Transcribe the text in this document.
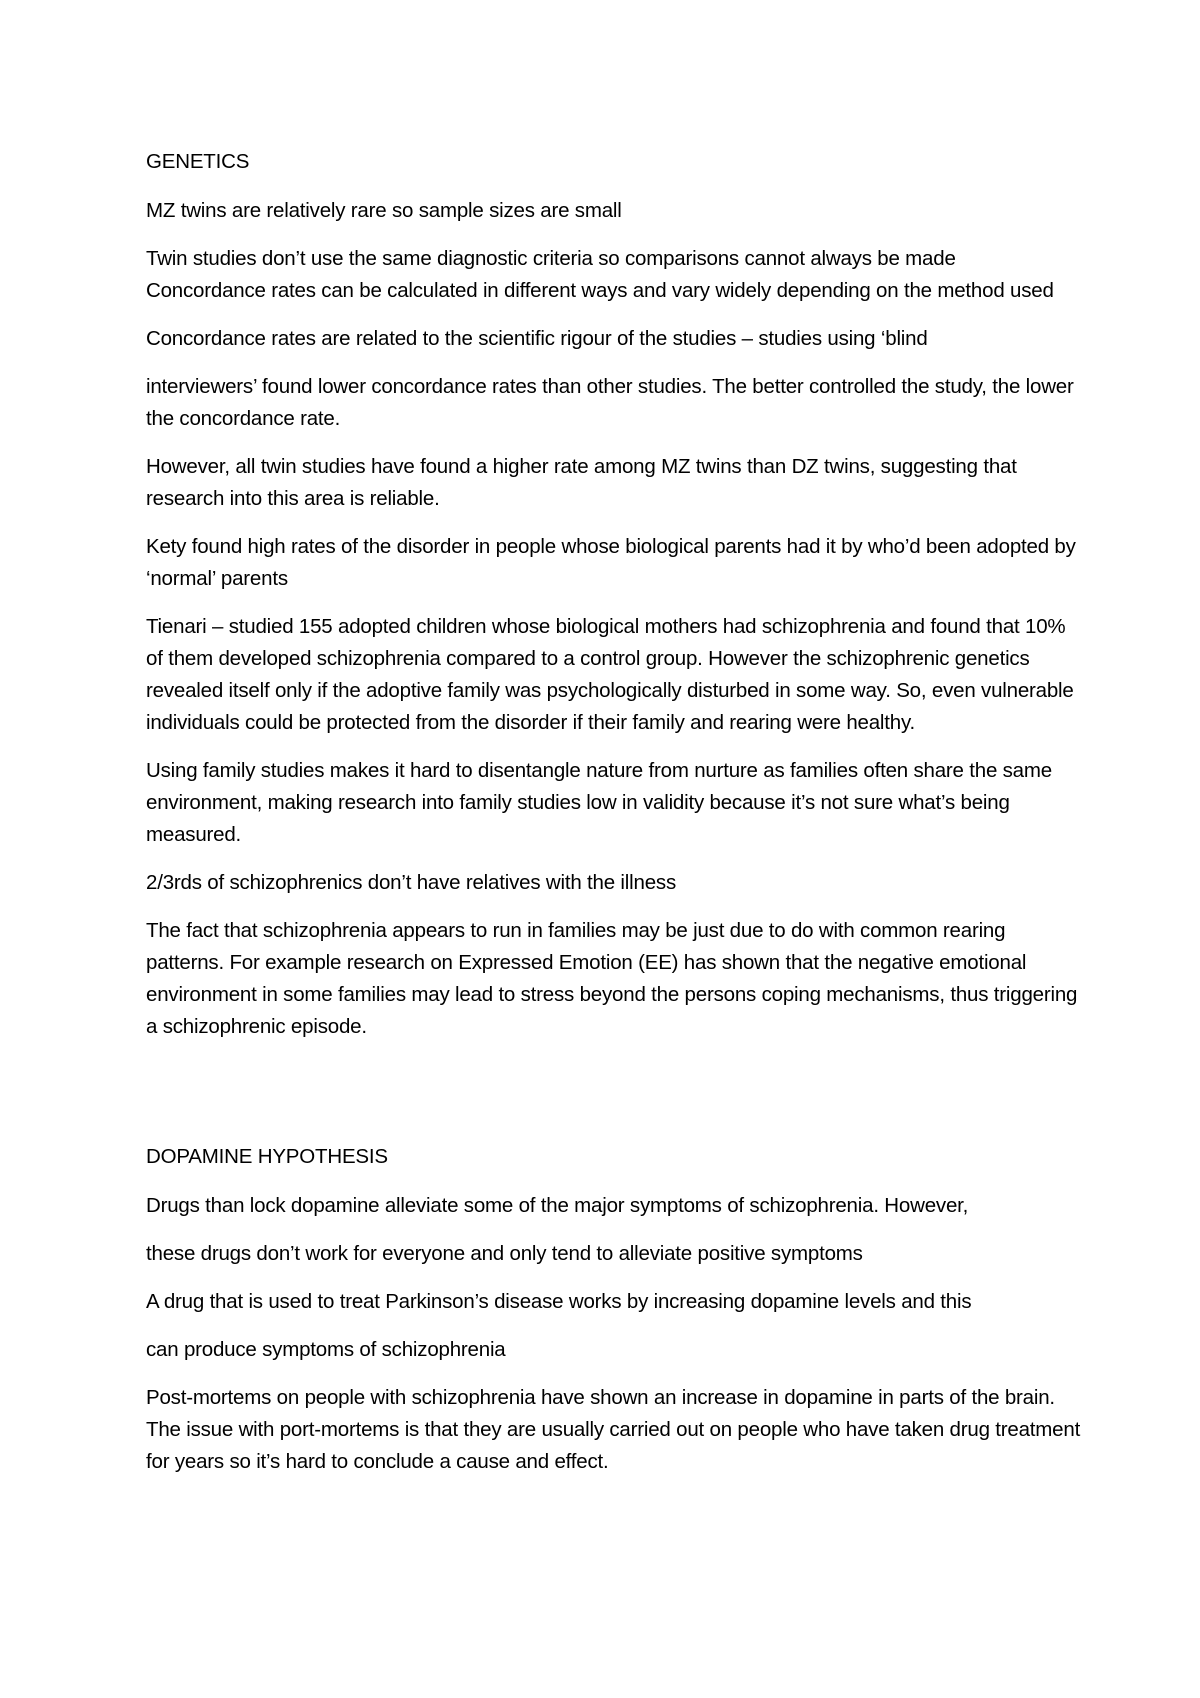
GENETICS

MZ twins are relatively rare so sample sizes are small

Twin studies don’t use the same diagnostic criteria so comparisons cannot always be made

Concordance rates can be calculated in different ways and vary widely depending on the method used

Concordance rates are related to the scientific rigour of the studies – studies using ‘blind

interviewers’ found lower concordance rates than other studies. The better controlled the study, the lower the concordance rate.

However, all twin studies have found a higher rate among MZ twins than DZ twins, suggesting that research into this area is reliable.

Kety found high rates of the disorder in people whose biological parents had it by who’d been adopted by ‘normal’ parents

Tienari – studied 155 adopted children whose biological mothers had schizophrenia and found that 10% of them developed schizophrenia compared to a control group. However the schizophrenic genetics revealed itself only if the adoptive family was psychologically disturbed in some way. So, even vulnerable individuals could be protected from the disorder if their family and rearing were healthy.

Using family studies makes it hard to disentangle nature from nurture as families often share the same environment, making research into family studies low in validity because it’s not sure what’s being measured.

2/3rds of schizophrenics don’t have relatives with the illness

The fact that schizophrenia appears to run in families may be just due to do with common rearing patterns. For example research on Expressed Emotion (EE) has shown that the negative emotional environment in some families may lead to stress beyond the persons coping mechanisms, thus triggering a schizophrenic episode.

DOPAMINE HYPOTHESIS

Drugs than lock dopamine alleviate some of the major symptoms of schizophrenia. However,

these drugs don’t work for everyone and only tend to alleviate positive symptoms

A drug that is used to treat Parkinson’s disease works by increasing dopamine levels and this

can produce symptoms of schizophrenia

Post-mortems on people with schizophrenia have shown an increase in dopamine in parts of the brain. The issue with port-mortems is that they are usually carried out on people who have taken drug treatment for years so it’s hard to conclude a cause and effect.
